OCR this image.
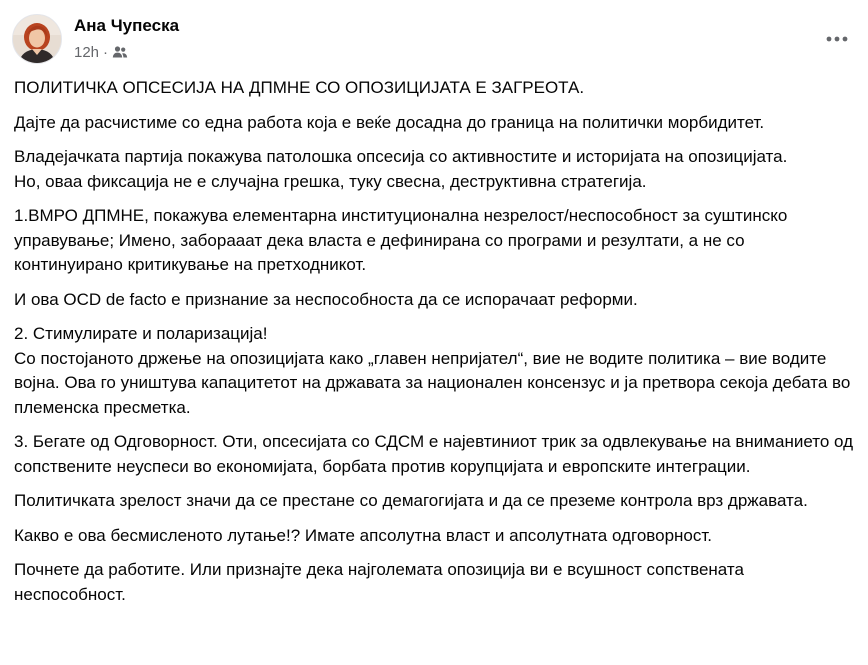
Ана Чупеска
12h ·

ПОЛИТИЧКА ОПСЕСИЈА НА ДПМНЕ СО ОПОЗИЦИЈАТА Е ЗАГРЕОТА.

Дајте да расчистиме со една работа која е веќе досадна до граница на политички морбидитет.

Владејачката партија покажува патолошка опсесија со активностите и историјата на опозицијата.
Но, оваа фиксација не е случајна грешка, туку свесна, деструктивна стратегија.

1.ВМРО ДПМНЕ, покажува елементарна институционална незрелост/неспособност за суштинско управување; Имено, заборааат дека власта е дефинирана со програми и резултати, а не со континуирано критикување на претходникот.

И ова OCD de facto е признание за неспособноста да се испорачаат реформи.

2. Стимулирате и поларизација!
Со постојаното држење на опозицијата како „главен непријател“, вие не водите политика – вие водите војна. Ова го уништува капацитетот на државата за национален консензус и ја претвора секоја дебата во племенска пресметка.

3. Бегате од Одговорност. Оти, опсесијата со СДСМ е најевтиниот трик за одвлекување на вниманието од сопствените неуспеси во економијата, борбата против корупцијата и европските интеграции.

Политичката зрелост значи да се престане со демагогијата и да се преземе контрола врз државата.

Какво е ова бесмисленото лутање!? Имате апсолутна власт и апсолутната одговорност.

Почнете да работите. Или признајте дека најголемата опозиција ви е всушност сопствената неспособност.
